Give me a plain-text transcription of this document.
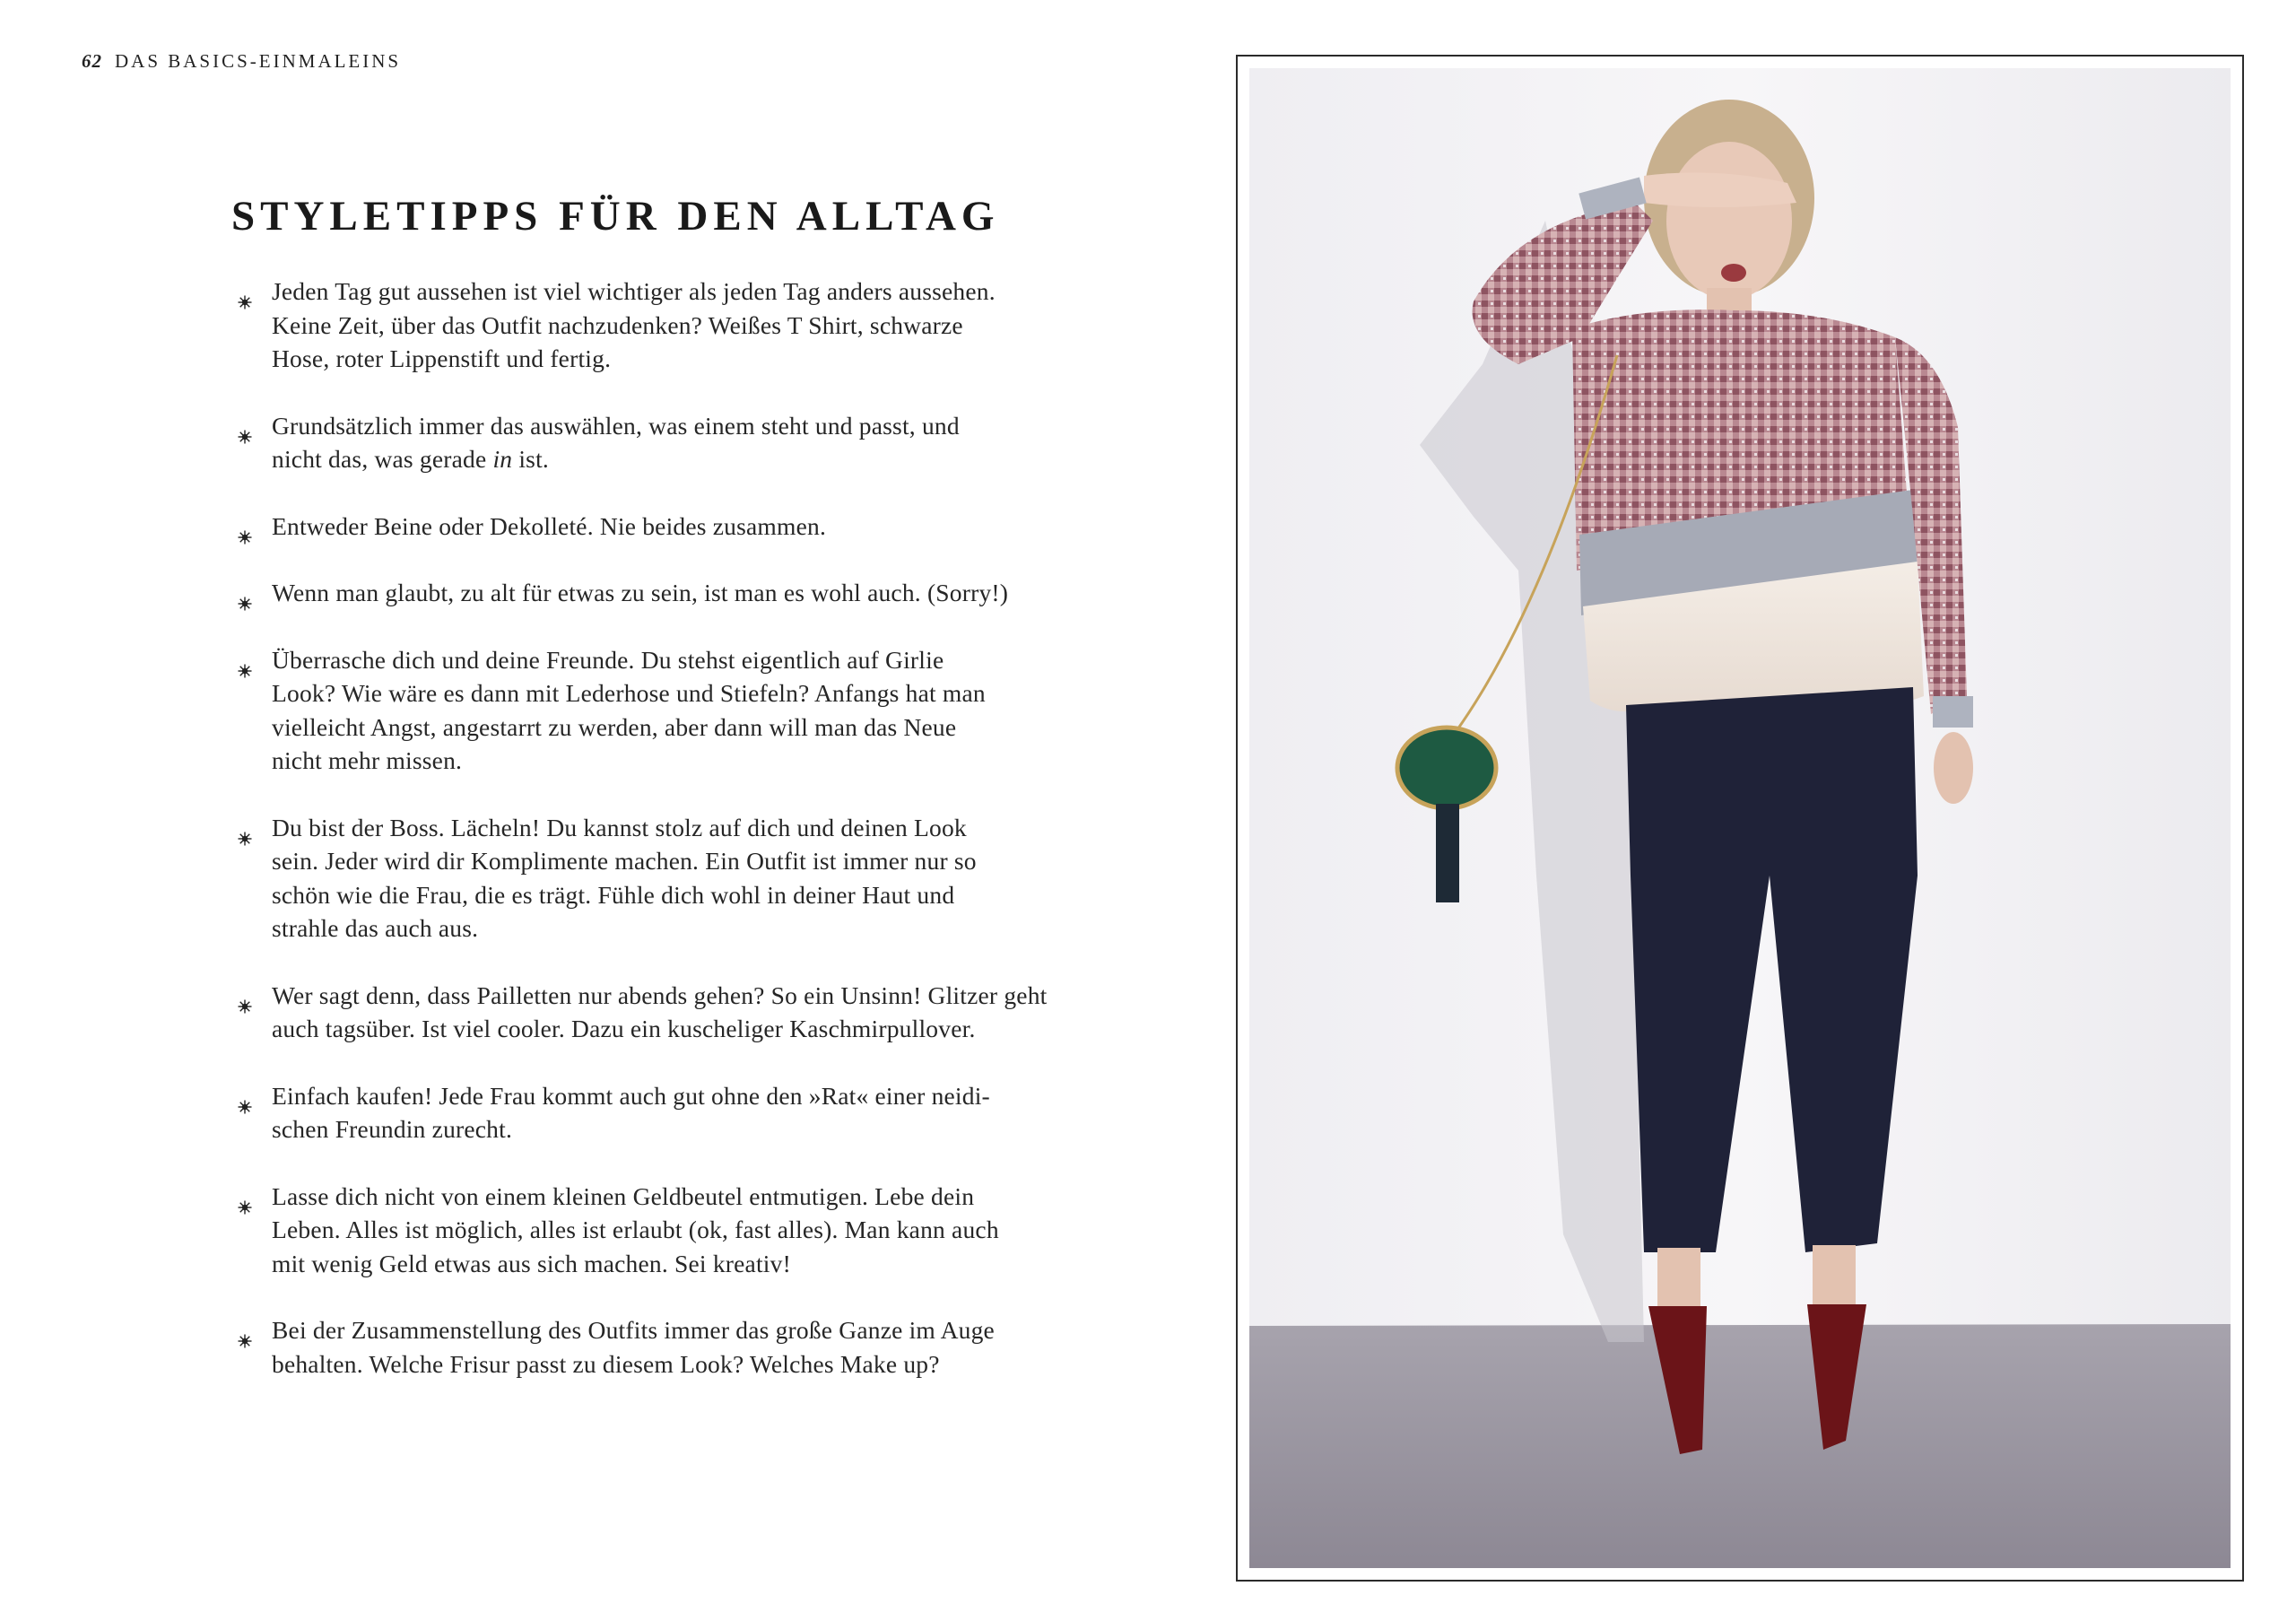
62 DAS BASICS-EINMALEINS
STYLETIPPS FÜR DEN ALLTAG
Jeden Tag gut aussehen ist viel wichtiger als jeden Tag anders aussehen.
Keine Zeit, über das Outfit nachzudenken? Weißes T Shirt, schwarze
Hose, roter Lippenstift und fertig.
Grundsätzlich immer das auswählen, was einem steht und passt, und
nicht das, was gerade in ist.
Entweder Beine oder Dekolleté. Nie beides zusammen.
Wenn man glaubt, zu alt für etwas zu sein, ist man es wohl auch. (Sorry!)
Überrasche dich und deine Freunde. Du stehst eigentlich auf Girlie
Look? Wie wäre es dann mit Lederhose und Stiefeln? Anfangs hat man
vielleicht Angst, angestarrt zu werden, aber dann will man das Neue
nicht mehr missen.
Du bist der Boss. Lächeln! Du kannst stolz auf dich und deinen Look
sein. Jeder wird dir Komplimente machen. Ein Outfit ist immer nur so
schön wie die Frau, die es trägt. Fühle dich wohl in deiner Haut und
strahle das auch aus.
Wer sagt denn, dass Pailletten nur abends gehen? So ein Unsinn! Glitzer geht
auch tagsüber. Ist viel cooler. Dazu ein kuscheliger Kaschmirpullover.
Einfach kaufen! Jede Frau kommt auch gut ohne den »Rat« einer neidi-
schen Freundin zurecht.
Lasse dich nicht von einem kleinen Geldbeutel entmutigen. Lebe dein
Leben. Alles ist möglich, alles ist erlaubt (ok, fast alles). Man kann auch
mit wenig Geld etwas aus sich machen. Sei kreativ!
Bei der Zusammenstellung des Outfits immer das große Ganze im Auge
behalten. Welche Frisur passt zu diesem Look? Welches Make up?
